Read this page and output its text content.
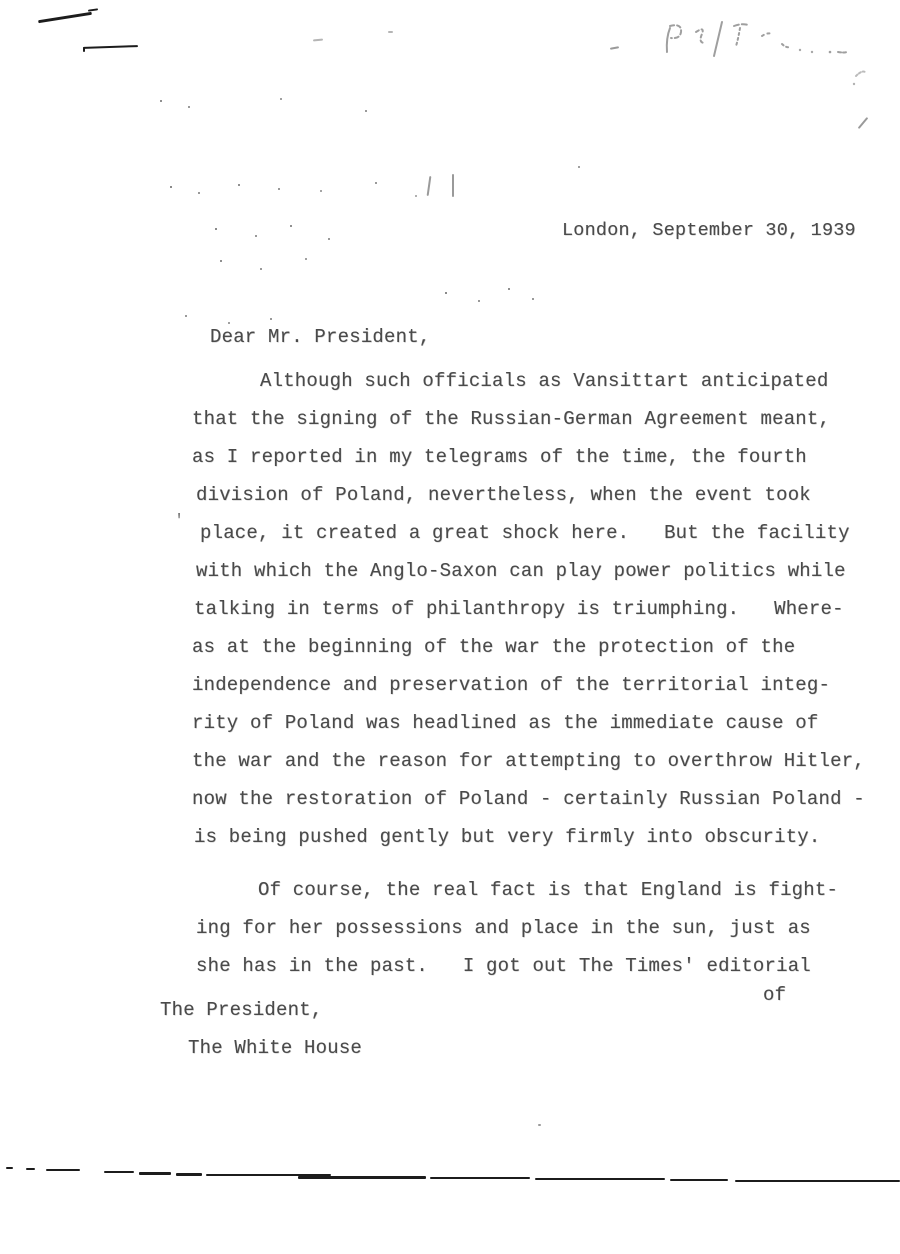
'
London, September 30, 1939
Dear Mr. President,
Although such officials as Vansittart anticipated
that the signing of the Russian-German Agreement meant,
as I reported in my telegrams of the time, the fourth
division of Poland, nevertheless, when the event took
place, it created a great shock here.   But the facility
with which the Anglo-Saxon can play power politics while
talking in terms of philanthropy is triumphing.   Where-
as at the beginning of the war the protection of the
independence and preservation of the territorial integ-
rity of Poland was headlined as the immediate cause of
the war and the reason for attempting to overthrow Hitler,
now the restoration of Poland - certainly Russian Poland -
is being pushed gently but very firmly into obscurity.
Of course, the real fact is that England is fight-
ing for her possessions and place in the sun, just as
she has in the past.   I got out The Times' editorial
of
The President,
The White House
